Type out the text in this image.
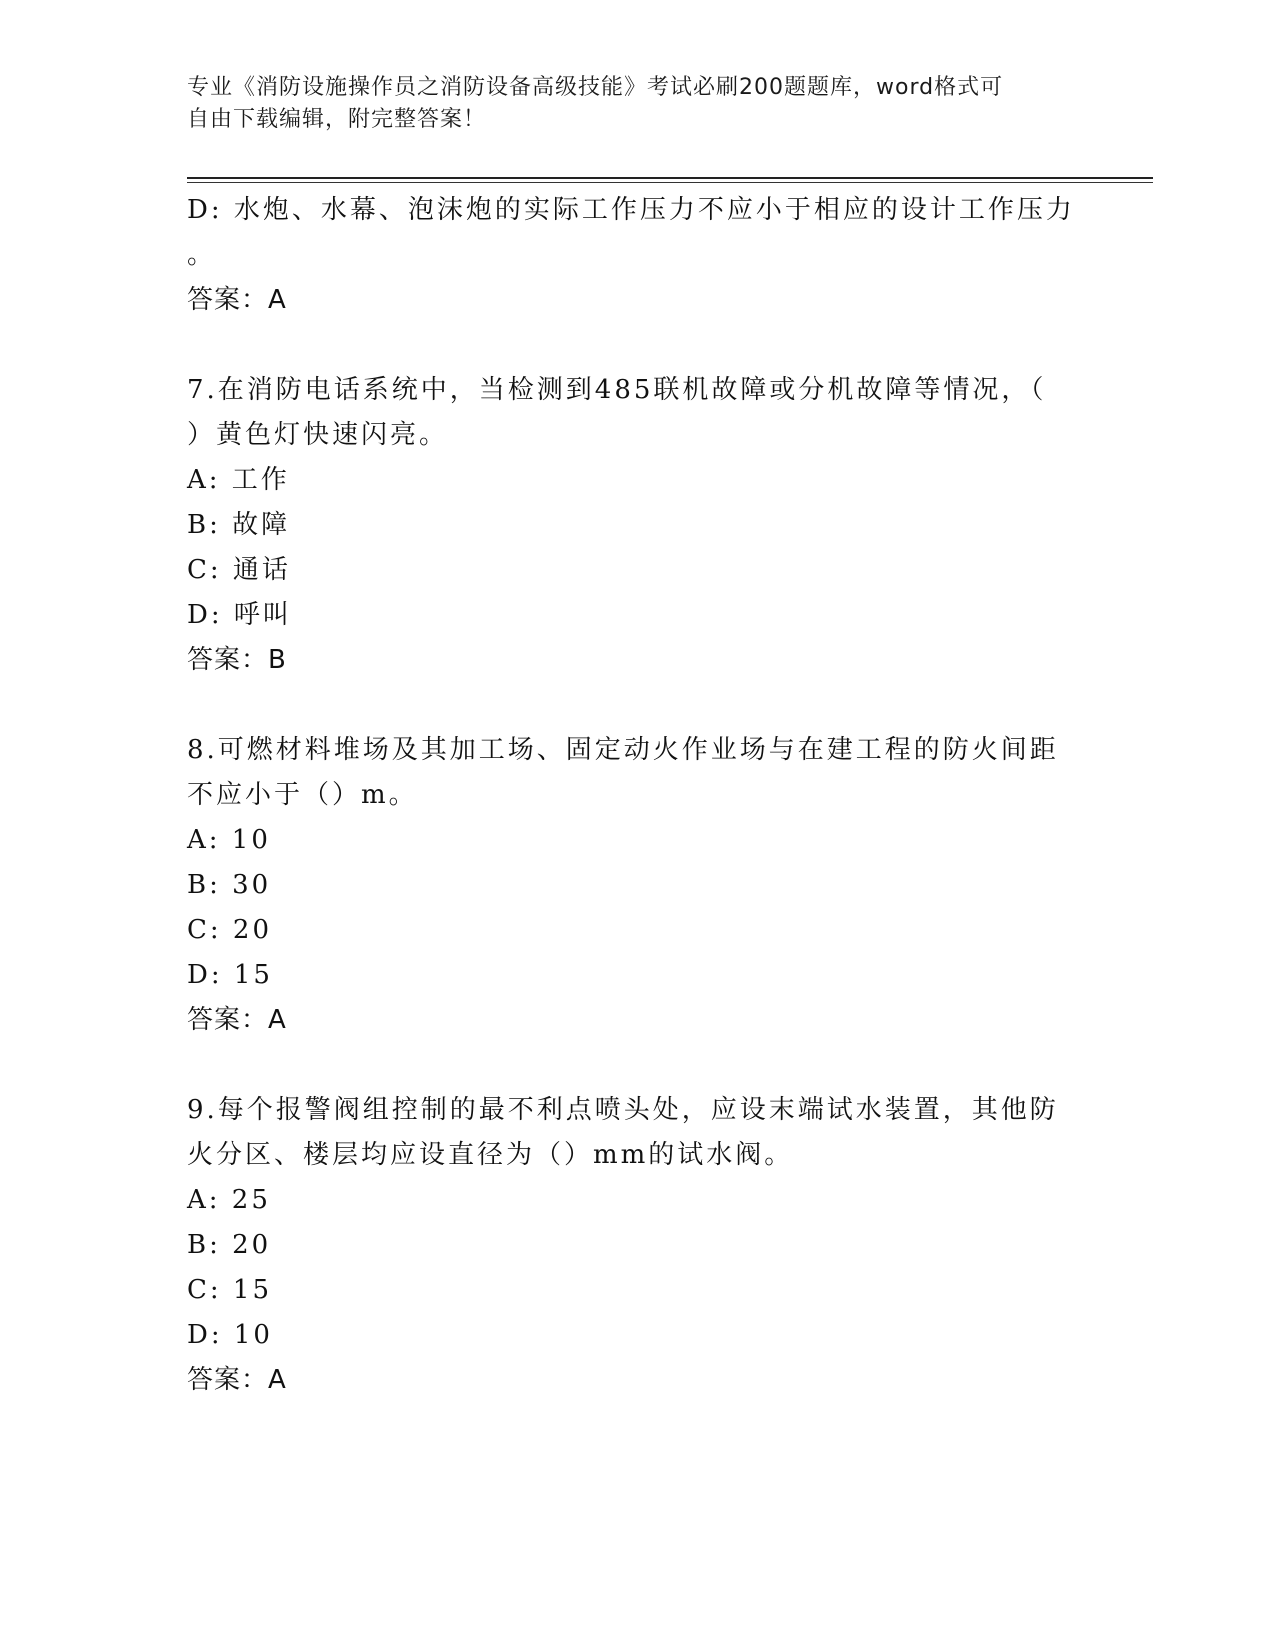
专业《消防设施操作员之消防设备高级技能》考试必刷200题题库，word格式可
自由下载编辑，附完整答案！
D: 水炮、水幕、泡沫炮的实际工作压力不应小于相应的设计工作压力
。
答案：A
7.在消防电话系统中，当检测到485联机故障或分机故障等情况，（
）黄色灯快速闪亮。
A: 工作
B: 故障
C: 通话
D: 呼叫
答案：B
8.可燃材料堆场及其加工场、固定动火作业场与在建工程的防火间距
不应小于（）m。
A: 10
B: 30
C: 20
D: 15
答案：A
9.每个报警阀组控制的最不利点喷头处，应设末端试水装置，其他防
火分区、楼层均应设直径为（）mm的试水阀。
A: 25
B: 20
C: 15
D: 10
答案：A
